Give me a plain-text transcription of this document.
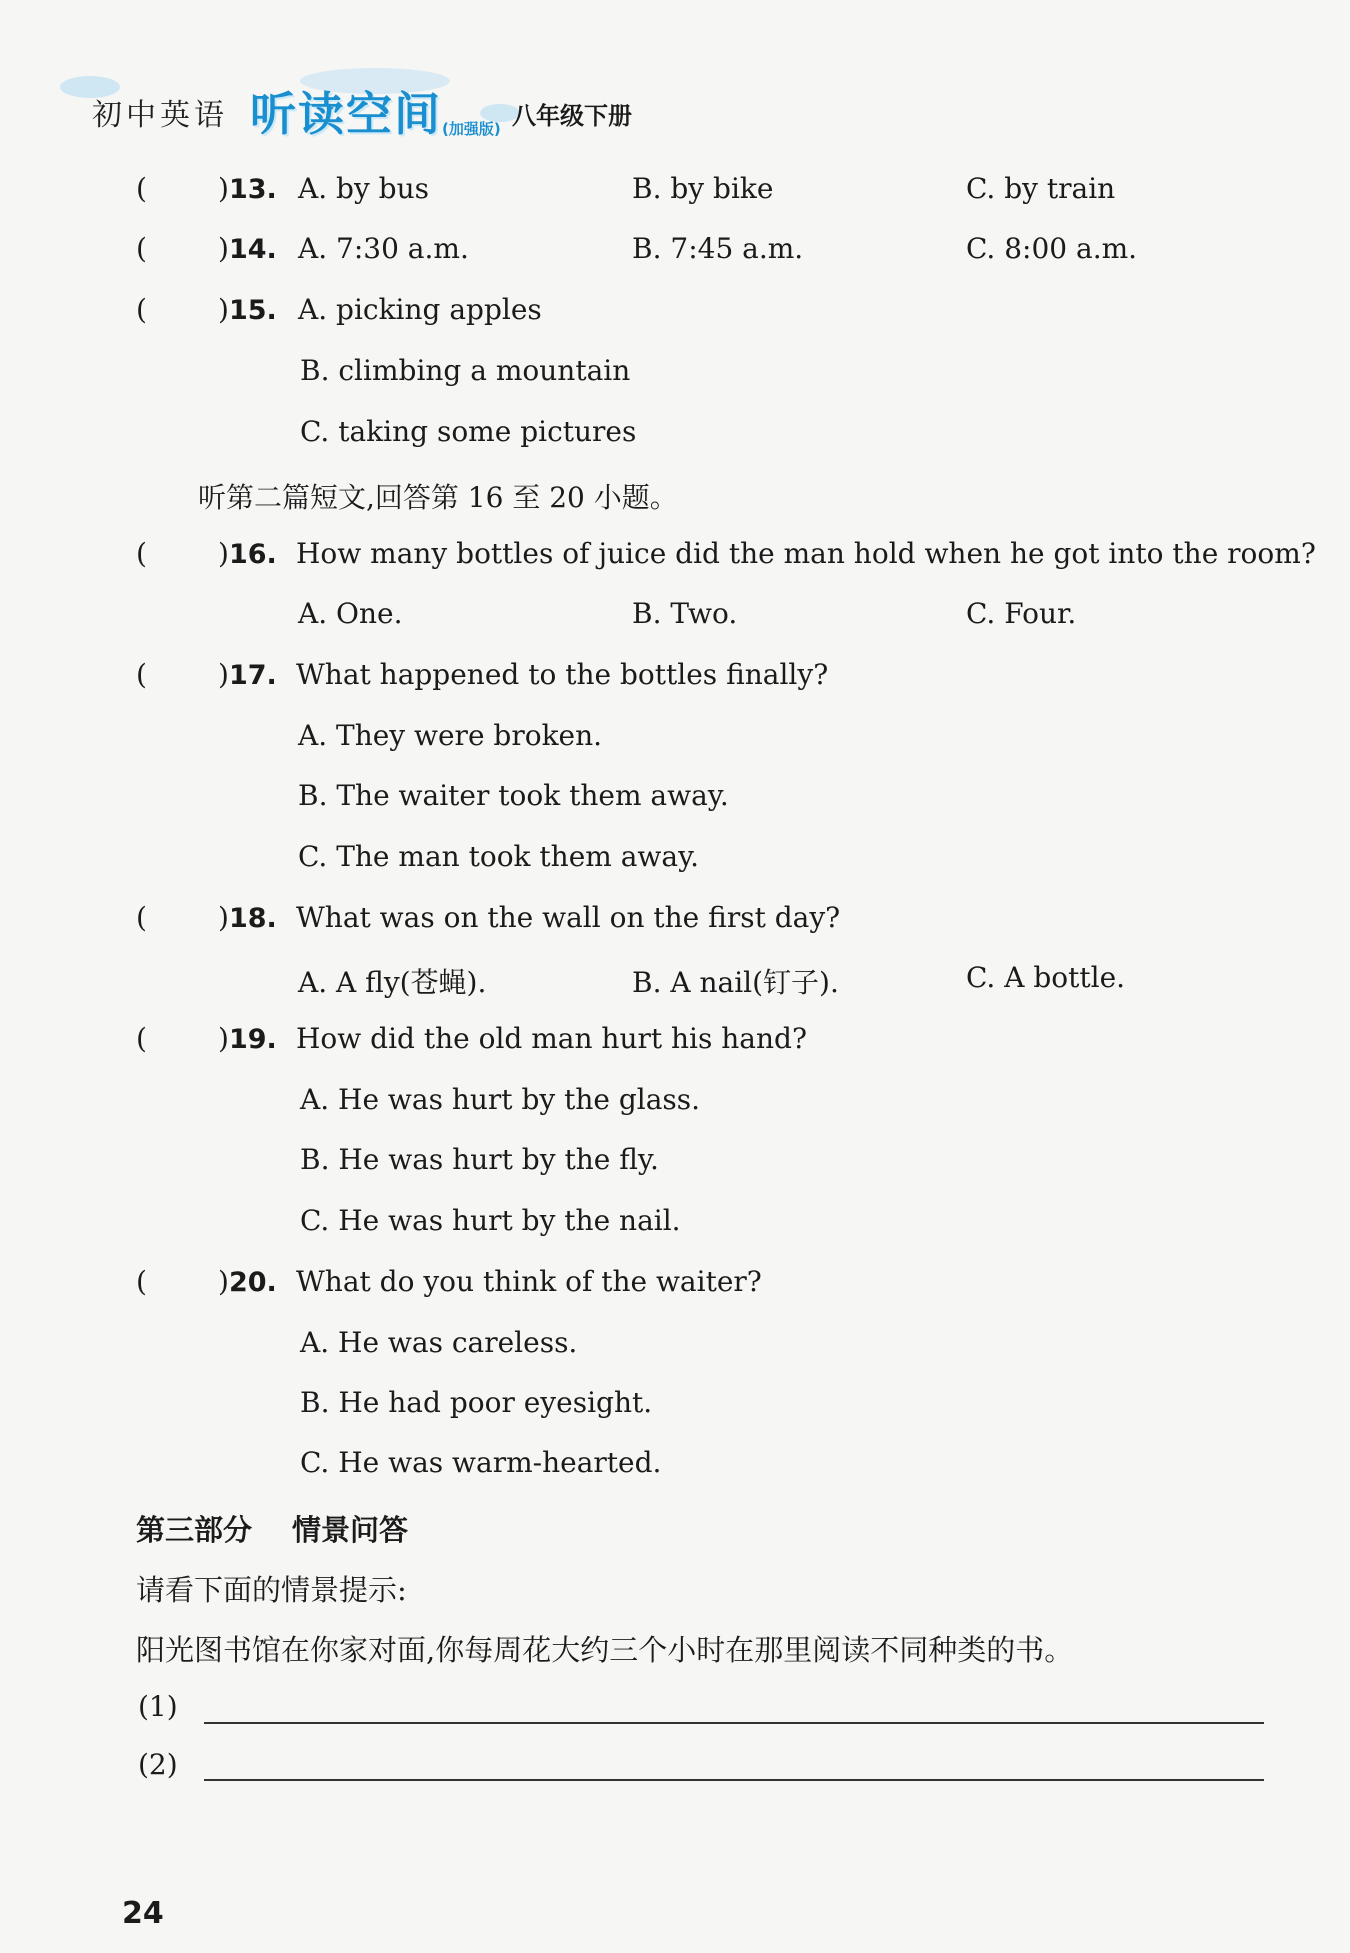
初中英语 听读空间 (加强版) 八年级下册
(	)13. A. by bus	B. by bike	C. by train
(	)14. A. 7:30 a.m.	B. 7:45 a.m.	C. 8:00 a.m.
(	)15. A. picking apples
B. climbing a mountain
C. taking some pictures
听第二篇短文,回答第 16 至 20 小题。
(	)16. How many bottles of juice did the man hold when he got into the room?
A. One.	B. Two.	C. Four.
(	)17. What happened to the bottles finally?
A. They were broken.
B. The waiter took them away.
C. The man took them away.
(	)18. What was on the wall on the first day?
A. A fly(苍蝇).	B. A nail(钉子).	C. A bottle.
(	)19. How did the old man hurt his hand?
A. He was hurt by the glass.
B. He was hurt by the fly.
C. He was hurt by the nail.
(	)20. What do you think of the waiter?
A. He was careless.
B. He had poor eyesight.
C. He was warm-hearted.
第三部分 情景问答
请看下面的情景提示:
阳光图书馆在你家对面,你每周花大约三个小时在那里阅读不同种类的书。
(1)
(2)
24
